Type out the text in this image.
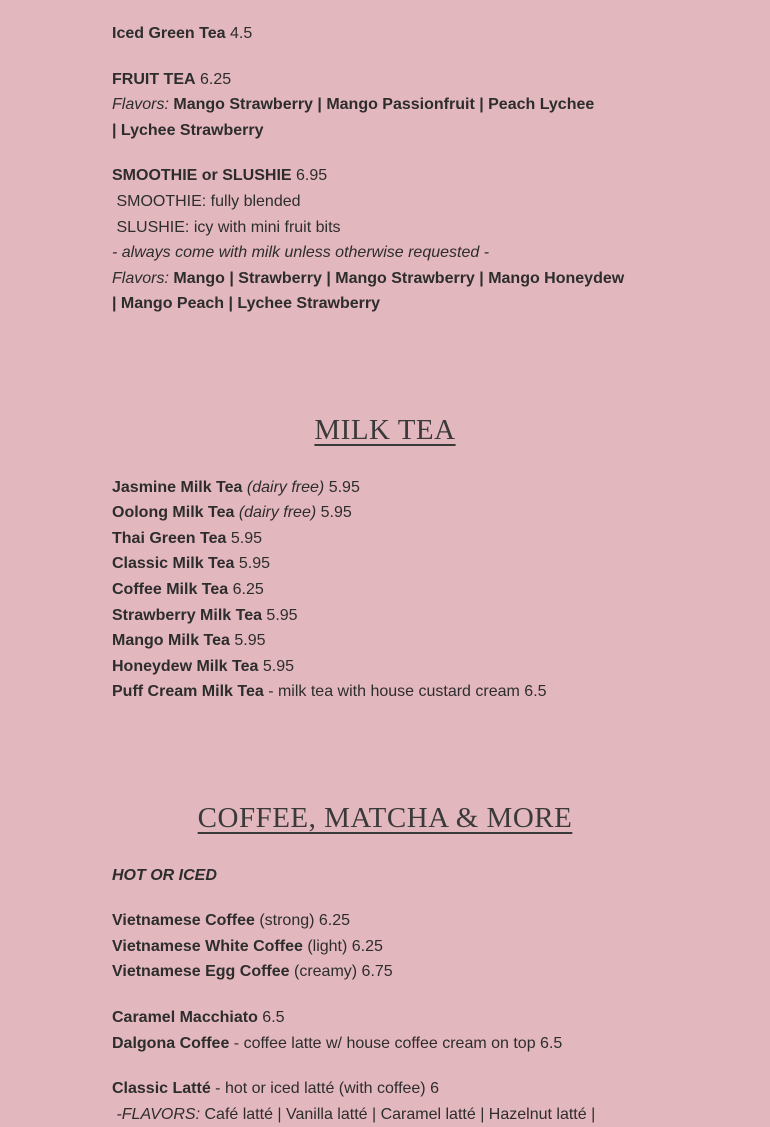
Iced Green Tea 4.5
FRUIT TEA 6.25
Flavors: Mango Strawberry | Mango Passionfruit | Peach Lychee
| Lychee Strawberry
SMOOTHIE or SLUSHIE 6.95
SMOOTHIE: fully blended
SLUSHIE: icy with mini fruit bits
- always come with milk unless otherwise requested -
Flavors: Mango | Strawberry | Mango Strawberry | Mango Honeydew
| Mango Peach | Lychee Strawberry
MILK TEA
Jasmine Milk Tea (dairy free) 5.95
Oolong Milk Tea (dairy free) 5.95
Thai Green Tea 5.95
Classic Milk Tea 5.95
Coffee Milk Tea 6.25
Strawberry Milk Tea 5.95
Mango Milk Tea 5.95
Honeydew Milk Tea 5.95
Puff Cream Milk Tea - milk tea with house custard cream 6.5
COFFEE, MATCHA & MORE
HOT OR ICED
Vietnamese Coffee (strong) 6.25
Vietnamese White Coffee (light) 6.25
Vietnamese Egg Coffee (creamy) 6.75
Caramel Macchiato 6.5
Dalgona Coffee - coffee latte w/ house coffee cream on top 6.5
Classic Latté - hot or iced latté (with coffee) 6
-FLAVORS: Café latté | Vanilla latté | Caramel latté | Hazelnut latté |
